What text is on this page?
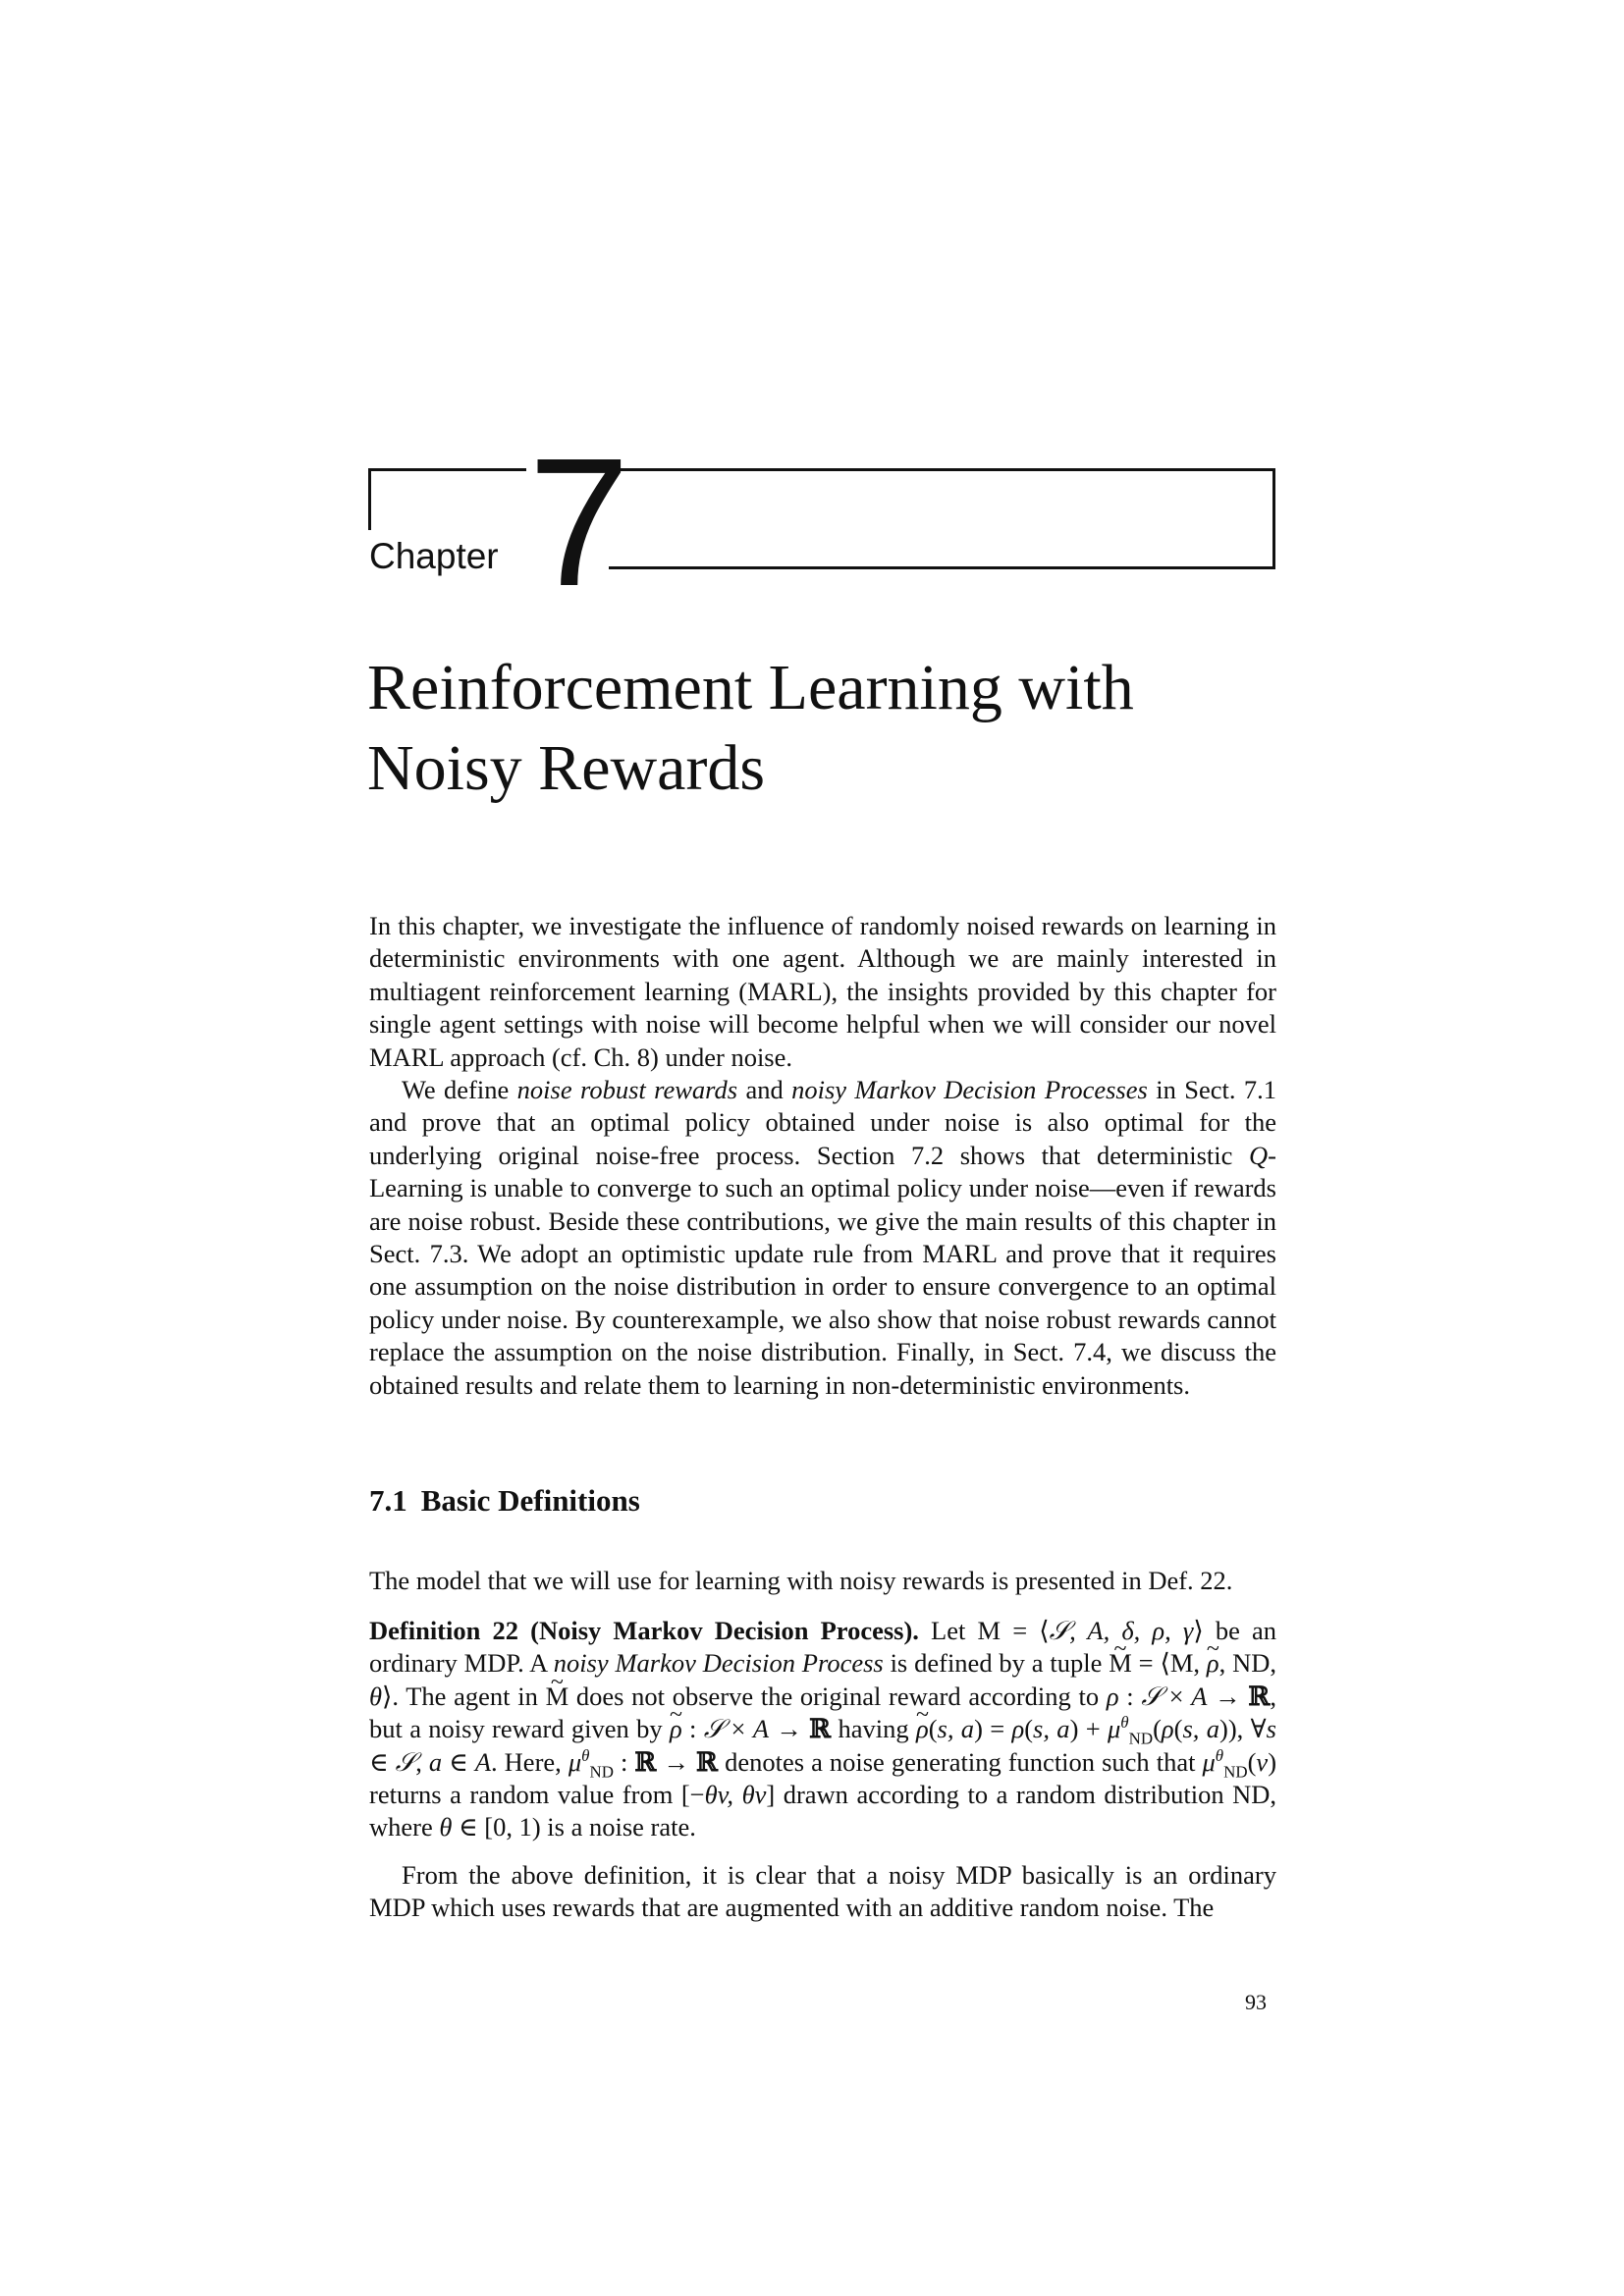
Chapter 7
Reinforcement Learning with
Noisy Rewards

In this chapter, we investigate the influence of randomly noised rewards on learning in deterministic environments with one agent. Although we are mainly interested in multiagent reinforcement learning (MARL), the insights provided by this chapter for single agent settings with noise will become helpful when we will consider our novel MARL approach (cf. Ch. 8) under noise.

We define noise robust rewards and noisy Markov Decision Processes in Sect. 7.1 and prove that an optimal policy obtained under noise is also optimal for the underlying original noise-free process. Section 7.2 shows that deterministic Q-Learning is unable to converge to such an optimal policy under noise—even if rewards are noise robust. Beside these contributions, we give the main results of this chapter in Sect. 7.3. We adopt an optimistic update rule from MARL and prove that it requires one assumption on the noise distribution in order to ensure convergence to an optimal policy under noise. By counterexample, we also show that noise robust rewards cannot replace the assumption on the noise distribution. Finally, in Sect. 7.4, we discuss the obtained results and relate them to learning in non-deterministic environments.

7.1 Basic Definitions

The model that we will use for learning with noisy rewards is presented in Def. 22.

Definition 22 (Noisy Markov Decision Process). Let M = ⟨𝒮, A, δ, ρ, γ⟩ be an ordinary MDP. A noisy Markov Decision Process is defined by a tuple ~ M = ⟨M, ~ ρ, ND, θ⟩. The agent in ~ M does not observe the original reward according to ρ : 𝒮 × A → ℝ, but a noisy reward given by ~ ρ : 𝒮 × A → ℝ having ~ ρ(s, a) = ρ(s, $a) + \mu^\theta_{ND}(\rho(s$, a)), ∀s ∈ 𝒮, a ∈ A. Here, $\mu^\theta_{ND}$ : ℝ → ℝ denotes a noise generating function such that $\mu^\theta_{ND}(v)$ returns a random value from [−θv, θv] drawn according to a random distribution ND, where θ ∈ [0, 1) is a noise rate.

From the above definition, it is clear that a noisy MDP basically is an ordinary MDP which uses rewards that are augmented with an additive random noise. The

93
